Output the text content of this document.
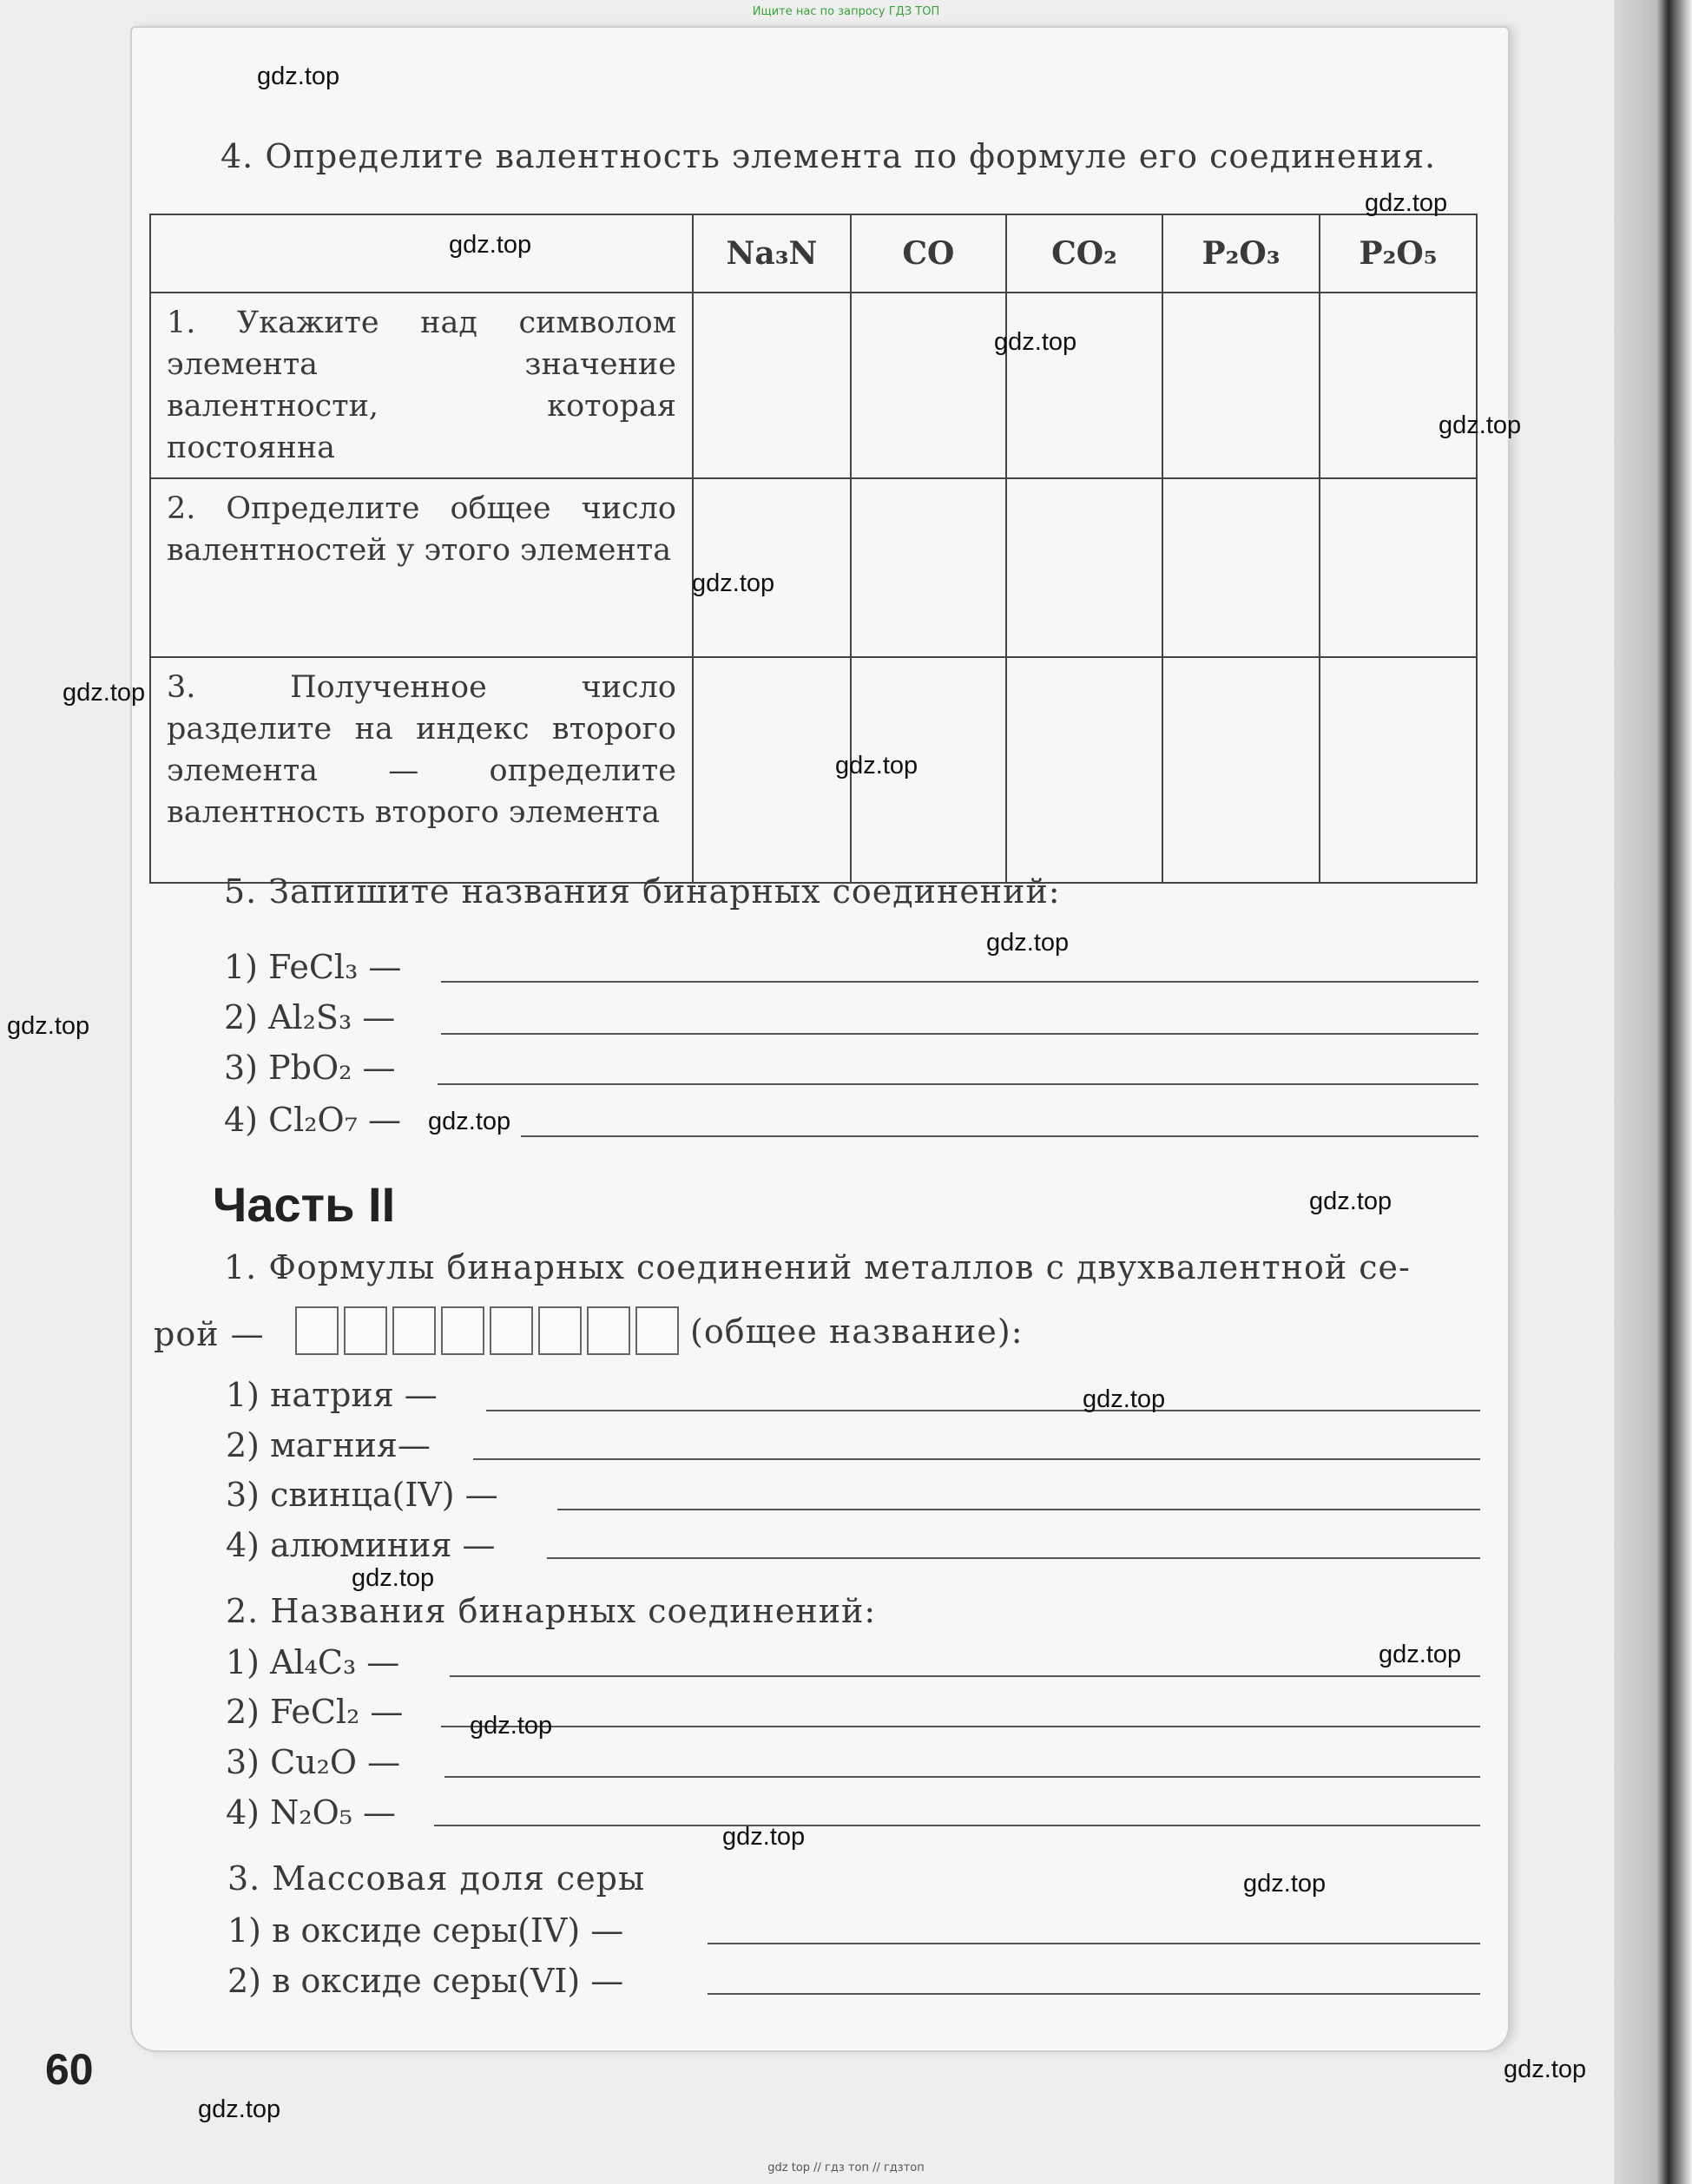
Ищите нас по запросу ГДЗ ТОП
4. Определите валентность элемента по формуле его соединения.
	Na₃N	CO	CO₂	P₂O₃	P₂O₅
1. Укажите над символом элемента значение валентности, которая постоянна					
2. Определите общее число валентностей у этого элемента					
3. Полученное число разделите на индекс второго элемента — определите валентность второго элемента					
5. Запишите названия бинарных соединений:
1) FeCl₃ —
2) Al₂S₃ —
3) PbO₂ —
4) Cl₂O₇ —
Часть II
1. Формулы бинарных соединений металлов с двухвалентной се-
рой —	(общее название):
1) натрия —
2) магния—
3) свинца(IV) —
4) алюминия —
2. Названия бинарных соединений:
1) Al₄C₃ —
2) FeCl₂ —
3) Cu₂O —
4) N₂O₅ —
3. Массовая доля серы
1) в оксиде серы(IV) —
2) в оксиде серы(VI) —
60
gdz.top
gdz.top
gdz.top
gdz.top
gdz.top
gdz.top
gdz.top
gdz.top
gdz.top
gdz.top
gdz.top
gdz.top
gdz.top
gdz.top
gdz.top
gdz.top
gdz.top
gdz.top
gdz.top
gdz.top
gdz top // гдз топ // гдзтоп
